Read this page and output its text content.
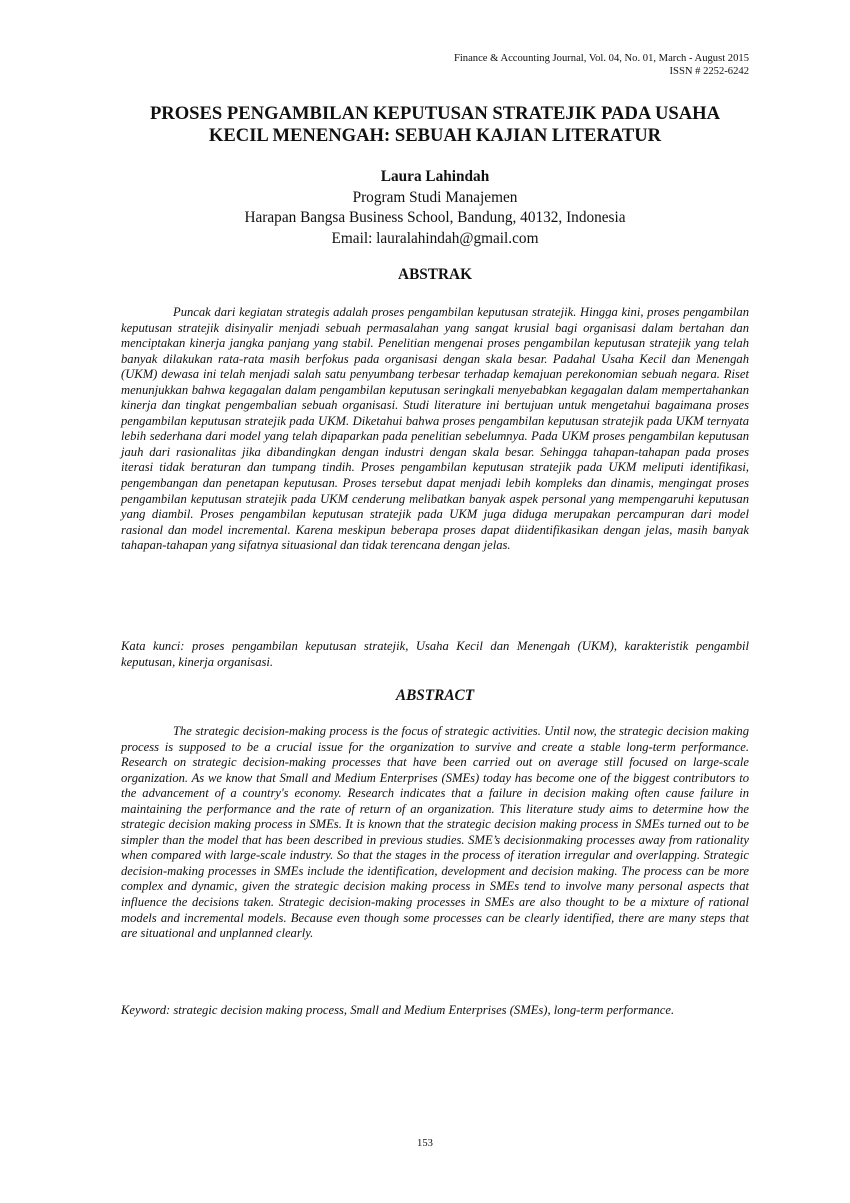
Finance & Accounting Journal, Vol. 04, No. 01, March - August 2015
ISSN # 2252-6242
PROSES PENGAMBILAN KEPUTUSAN STRATEJIK PADA USAHA
KECIL MENENGAH: SEBUAH KAJIAN LITERATUR
Laura Lahindah
Program Studi Manajemen
Harapan Bangsa Business School, Bandung, 40132, Indonesia
Email: lauralahindah@gmail.com
ABSTRAK

Puncak dari kegiatan strategis adalah proses pengambilan keputusan stratejik. Hingga kini, proses pengambilan keputusan stratejik disinyalir menjadi sebuah permasalahan yang sangat krusial bagi organisasi dalam bertahan dan menciptakan kinerja jangka panjang yang stabil. Penelitian mengenai proses pengambilan keputusan stratejik yang telah banyak dilakukan rata-rata masih berfokus pada organisasi dengan skala besar. Padahal Usaha Kecil dan Menengah (UKM) dewasa ini telah menjadi salah satu penyumbang terbesar terhadap kemajuan perekonomian sebuah negara. Riset menunjukkan bahwa kegagalan dalam pengambilan keputusan seringkali menyebabkan kegagalan dalam mempertahankan kinerja dan tingkat pengembalian sebuah organisasi. Studi literature ini bertujuan untuk mengetahui bagaimana proses pengambilan keputusan stratejik pada UKM. Diketahui bahwa proses pengambilan keputusan stratejik pada UKM ternyata lebih sederhana dari model yang telah dipaparkan pada penelitian sebelumnya. Pada UKM proses pengambilan keputusan jauh dari rasionalitas jika dibandingkan dengan industri dengan skala besar. Sehingga tahapan-tahapan pada proses iterasi tidak beraturan dan tumpang tindih. Proses pengambilan keputusan stratejik pada UKM meliputi identifikasi, pengembangan dan penetapan keputusan. Proses tersebut dapat menjadi lebih kompleks dan dinamis, mengingat proses pengambilan keputusan stratejik pada UKM cenderung melibatkan banyak aspek personal yang mempengaruhi keputusan yang diambil. Proses pengambilan keputusan stratejik pada UKM juga diduga merupakan percampuran dari model rasional dan model incremental. Karena meskipun beberapa proses dapat diidentifikasikan dengan jelas, masih banyak tahapan-tahapan yang sifatnya situasional dan tidak terencana dengan jelas.

Kata kunci: proses pengambilan keputusan stratejik, Usaha Kecil dan Menengah (UKM), karakteristik pengambil keputusan, kinerja organisasi.

ABSTRACT

The strategic decision-making process is the focus of strategic activities. Until now, the strategic decision making process is supposed to be a crucial issue for the organization to survive and create a stable long-term performance. Research on strategic decision-making processes that have been carried out on average still focused on large-scale organization. As we know that Small and Medium Enterprises (SMEs) today has become one of the biggest contributors to the advancement of a country's economy. Research indicates that a failure in decision making often cause failure in maintaining the performance and the rate of return of an organization. This literature study aims to determine how the strategic decision making process in SMEs. It is known that the strategic decision making process in SMEs turned out to be simpler than the model that has been described in previous studies. SME’s decisionmaking processes away from rationality when compared with large-scale industry. So that the stages in the process of iteration irregular and overlapping. Strategic decision-making processes in SMEs include the identification, development and decision making. The process can be more complex and dynamic, given the strategic decision making process in SMEs tend to involve many personal aspects that influence the decisions taken. Strategic decision-making processes in SMEs are also thought to be a mixture of rational models and incremental models. Because even though some processes can be clearly identified, there are many steps that are situational and unplanned clearly.

Keyword: strategic decision making process, Small and Medium Enterprises (SMEs), long-term performance.

153
